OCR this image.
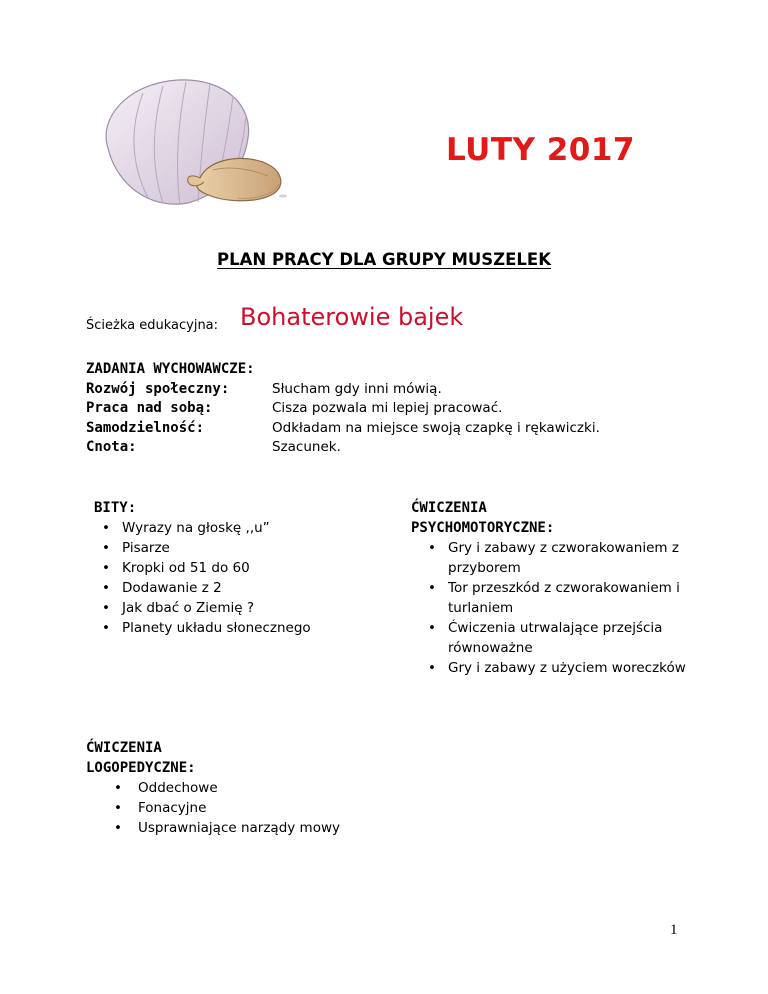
LUTY 2017
PLAN PRACY DLA GRUPY MUSZELEK
Ścieżka edukacyjna: Bohaterowie bajek
ZADANIA WYCHOWAWCZE:
Rozwój społeczny:	Słucham gdy inni mówią.
Praca nad sobą:	Cisza pozwala mi lepiej pracować.
Samodzielność:	Odkładam na miejsce swoją czapkę i rękawiczki.
Cnota:	Szacunek.
BITY:
• Wyrazy na głoskę ,,u”
• Pisarze
• Kropki od 51 do 60
• Dodawanie z 2
• Jak dbać o Ziemię ?
• Planety układu słonecznego
ĆWICZENIA
PSYCHOMOTORYCZNE:
• Gry i zabawy z czworakowaniem z przyborem
• Tor przeszkód z czworakowaniem i turlaniem
• Ćwiczenia utrwalające przejścia równoważne
• Gry i zabawy z użyciem woreczków
ĆWICZENIA
LOGOPEDYCZNE:
• Oddechowe
• Fonacyjne
• Usprawniające narządy mowy
1
